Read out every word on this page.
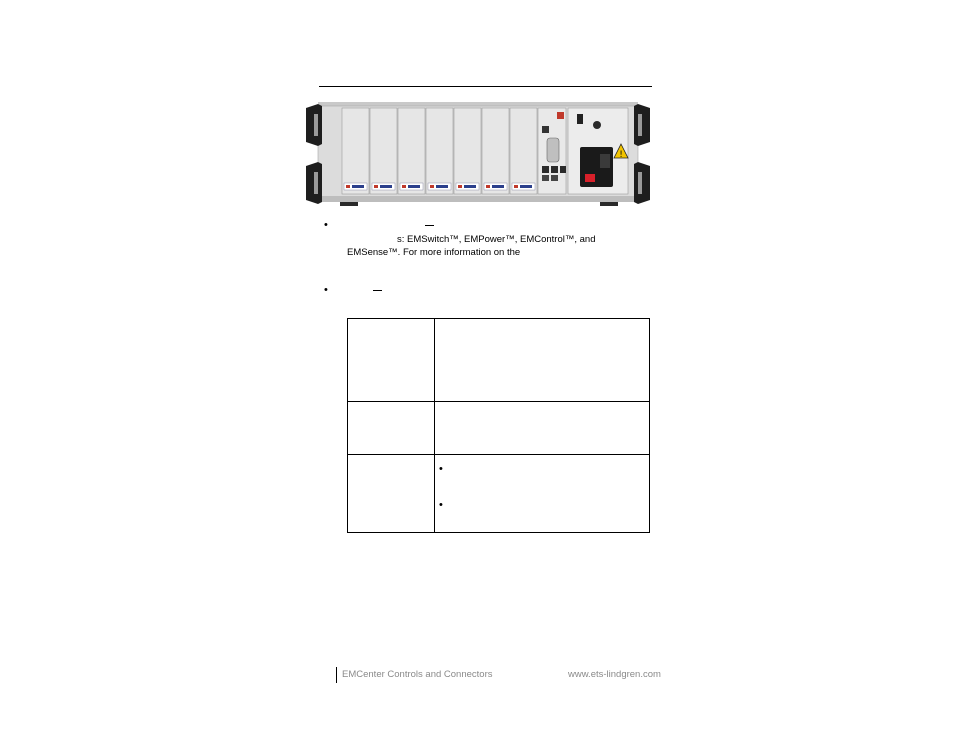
!
•
s: EMSwitch™, EMPower™, EMControl™, and
EMSense™. For more information on the
•
•
•
EMCenter Controls and Connectors	www.ets-lindgren.com
